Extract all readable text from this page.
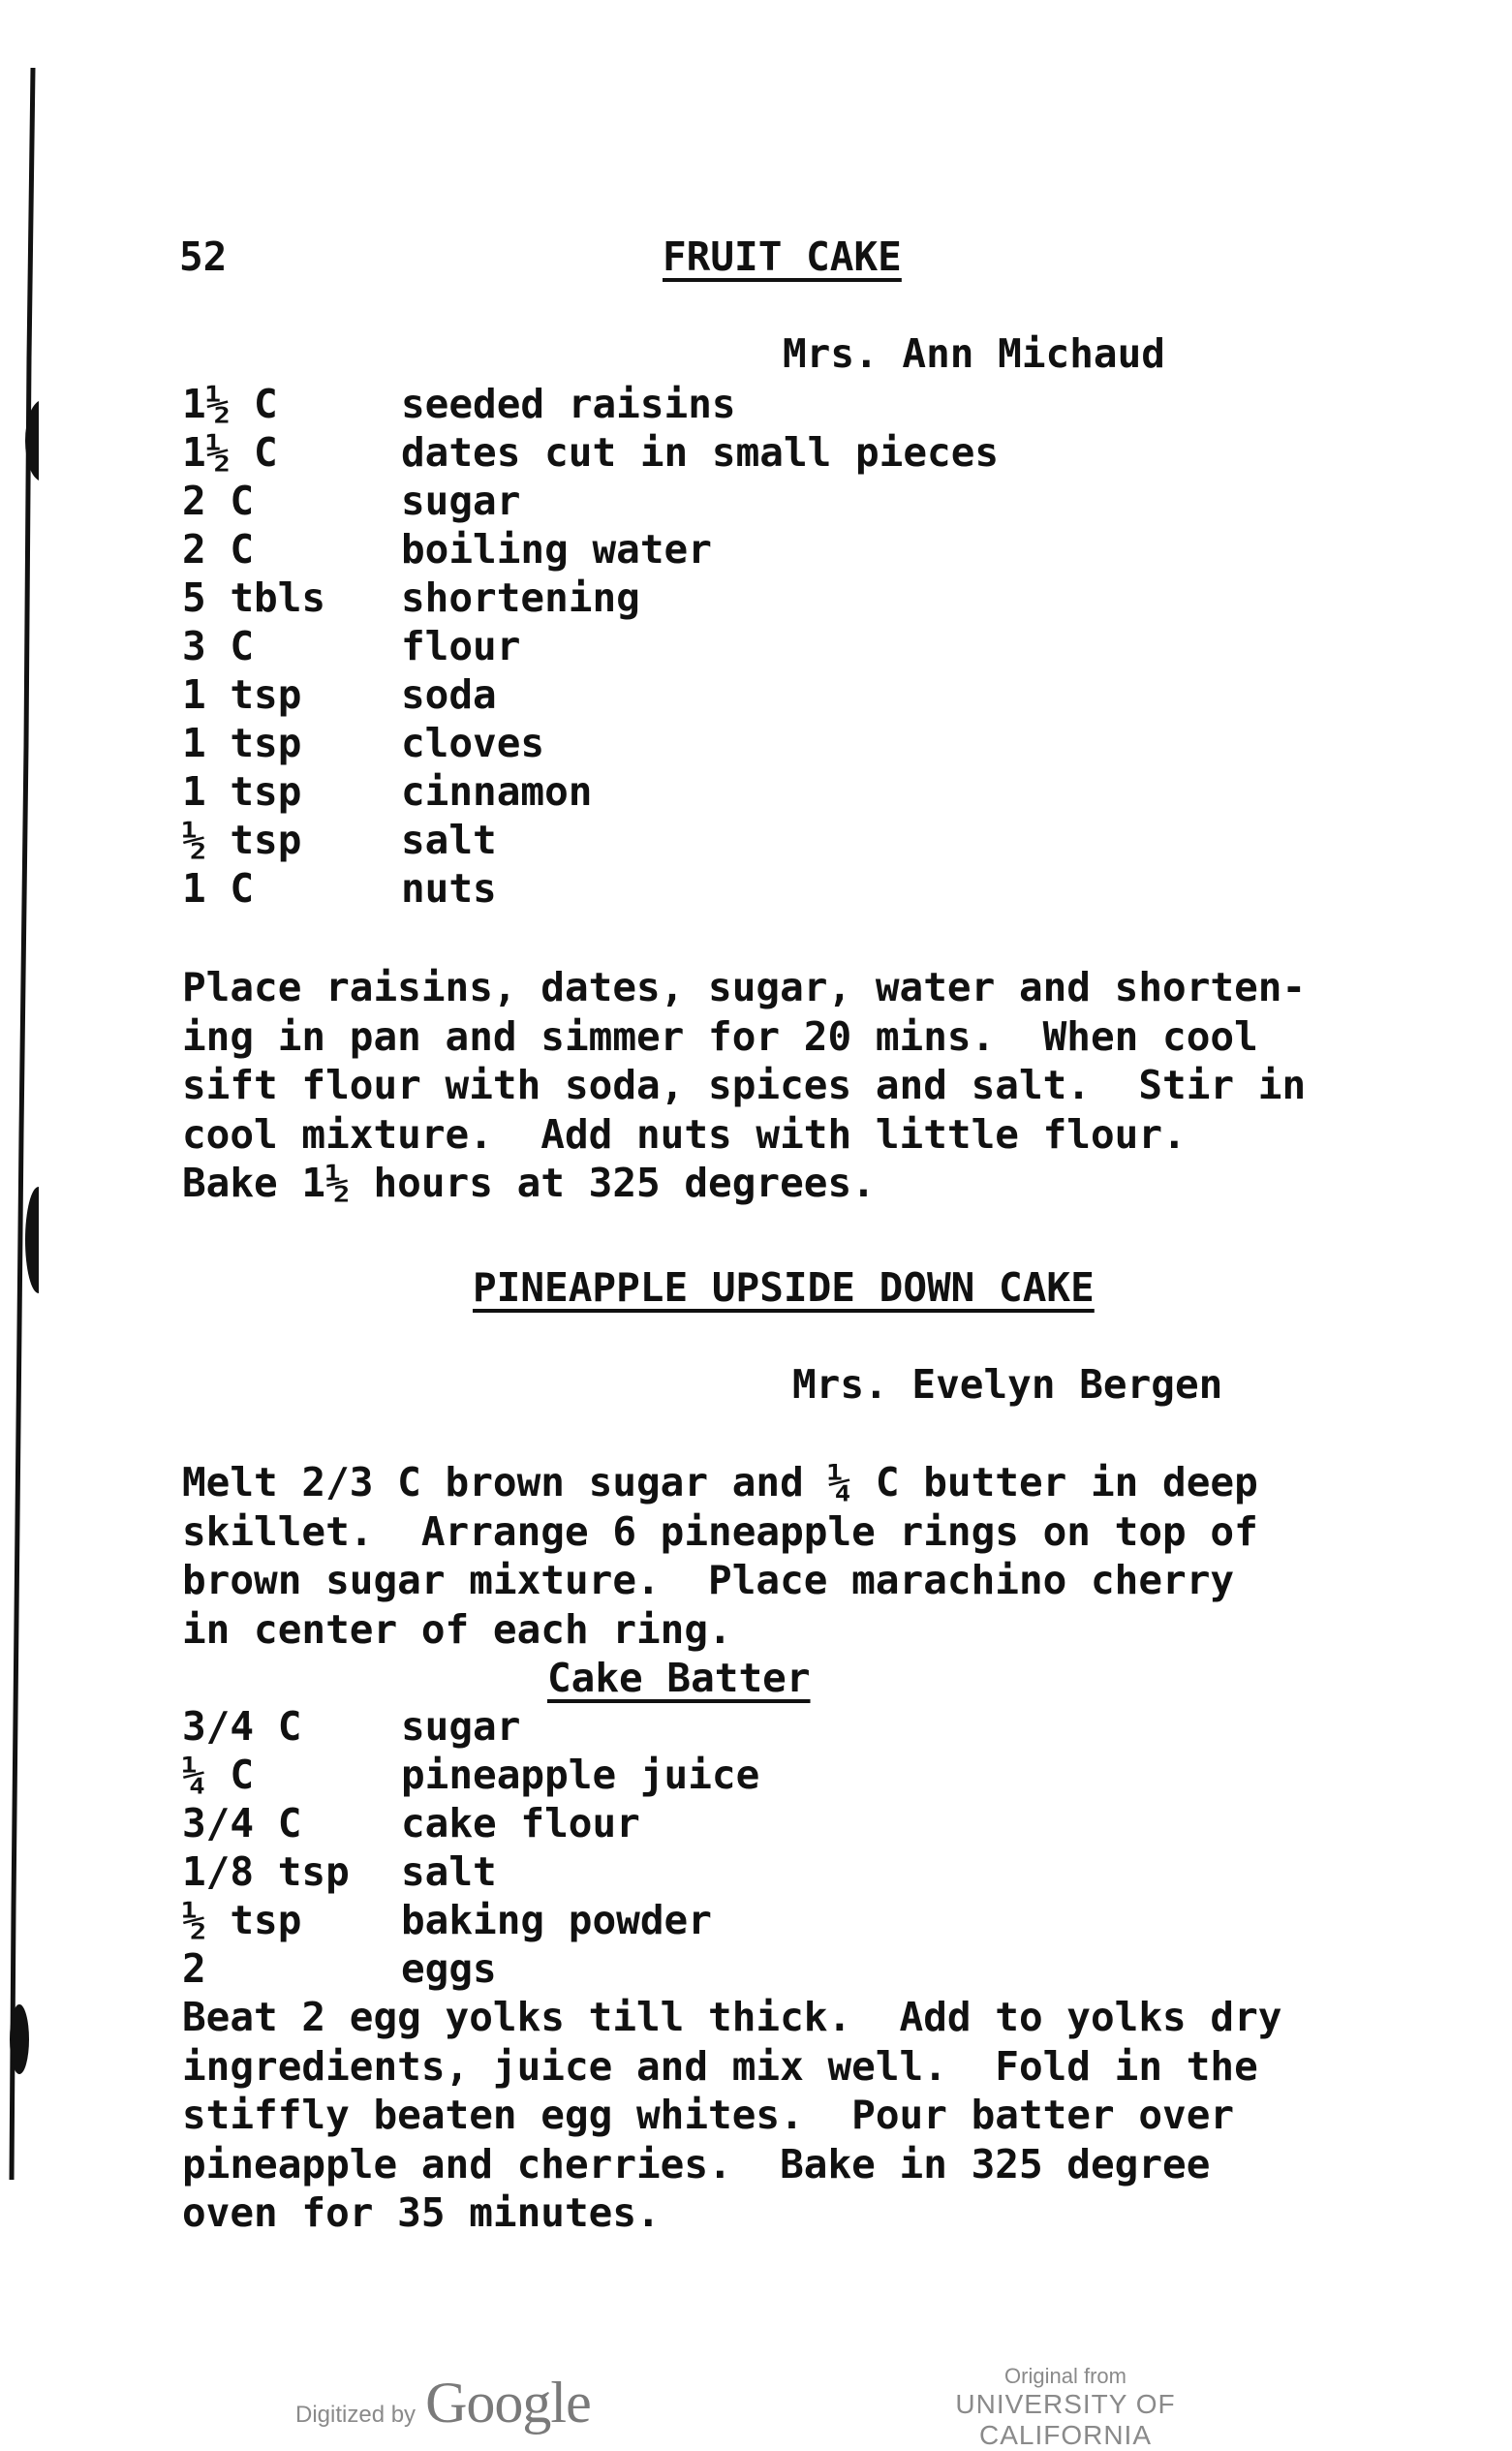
52	FRUIT CAKE
Mrs. Ann Michaud
1½ C	seeded raisins
1½ C	dates cut in small pieces
2 C	sugar
2 C	boiling water
5 tbls shortening
3 C	flour
1 tsp	soda
1 tsp	cloves
1 tsp	cinnamon
½ tsp	salt
1 C	nuts
Place raisins, dates, sugar, water and shorten-
ing in pan and simmer for 20 mins.  When cool
sift flour with soda, spices and salt.  Stir in
cool mixture.  Add nuts with little flour.
Bake 1½ hours at 325 degrees.
PINEAPPLE UPSIDE DOWN CAKE
Mrs. Evelyn Bergen
Melt 2/3 C brown sugar and ¼ C butter in deep
skillet.  Arrange 6 pineapple rings on top of
brown sugar mixture.  Place marachino cherry
in center of each ring.
Cake Batter
3/4 C	sugar
¼ C	pineapple juice
3/4 C	cake flour
1/8 tsp salt
½ tsp	baking powder
2	eggs
Beat 2 egg yolks till thick.  Add to yolks dry
ingredients, juice and mix well.  Fold in the
stiffly beaten egg whites.  Pour batter over
pineapple and cherries.  Bake in 325 degree
oven for 35 minutes.
Digitized by Google	Original from
UNIVERSITY OF CALIFORNIA
